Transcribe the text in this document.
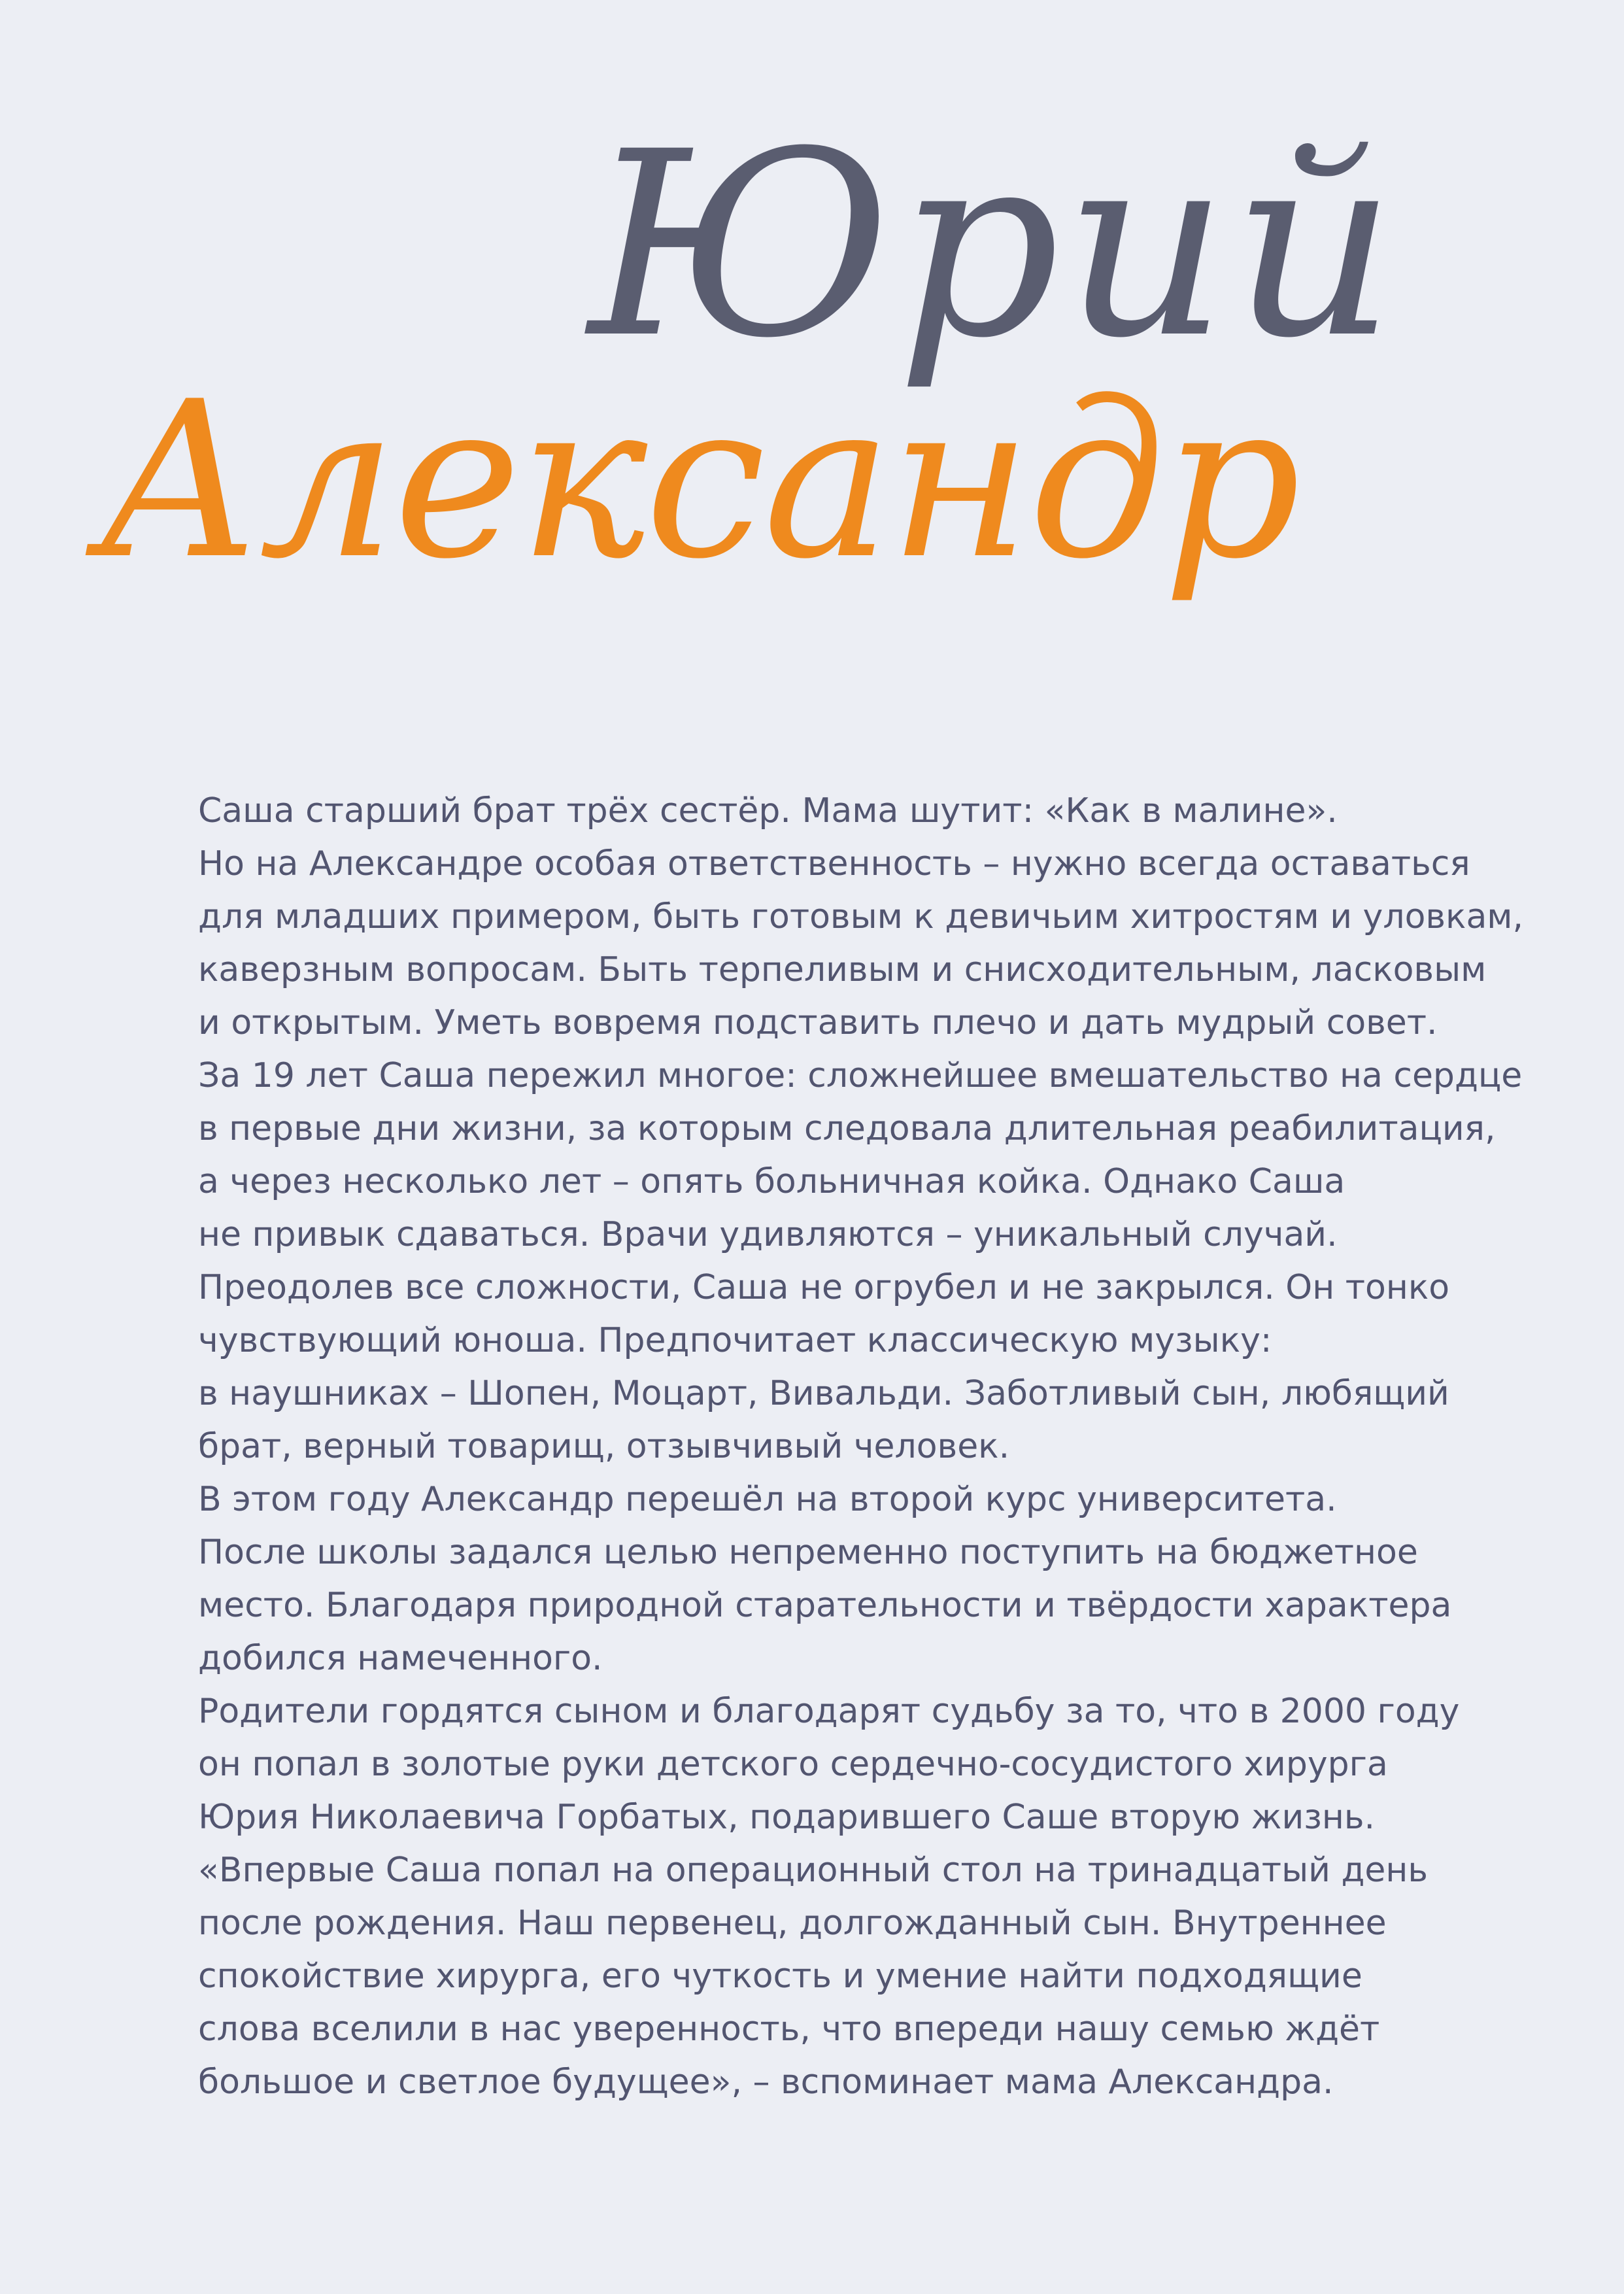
Юрий
Александр
Саша старший брат трёх сестёр. Мама шутит: «Как в малине».
Но на Александре особая ответственность – нужно всегда оставаться
для младших примером, быть готовым к девичьим хитростям и уловкам,
каверзным вопросам. Быть терпеливым и снисходительным, ласковым
и открытым. Уметь вовремя подставить плечо и дать мудрый совет.
За 19 лет Саша пережил многое: сложнейшее вмешательство на сердце
в первые дни жизни, за которым следовала длительная реабилитация,
а через несколько лет – опять больничная койка. Однако Саша
не привык сдаваться. Врачи удивляются – уникальный случай.
Преодолев все сложности, Саша не огрубел и не закрылся. Он тонко
чувствующий юноша. Предпочитает классическую музыку:
в наушниках – Шопен, Моцарт, Вивальди. Заботливый сын, любящий
брат, верный товарищ, отзывчивый человек.
В этом году Александр перешёл на второй курс университета.
После школы задался целью непременно поступить на бюджетное
место. Благодаря природной старательности и твёрдости характера
добился намеченного.
Родители гордятся сыном и благодарят судьбу за то, что в 2000 году
он попал в золотые руки детского сердечно-сосудистого хирурга
Юрия Николаевича Горбатых, подарившего Саше вторую жизнь.
«Впервые Саша попал на операционный стол на тринадцатый день
после рождения. Наш первенец, долгожданный сын. Внутреннее
спокойствие хирурга, его чуткость и умение найти подходящие
слова вселили в нас уверенность, что впереди нашу семью ждёт
большое и светлое будущее», – вспоминает мама Александра.
